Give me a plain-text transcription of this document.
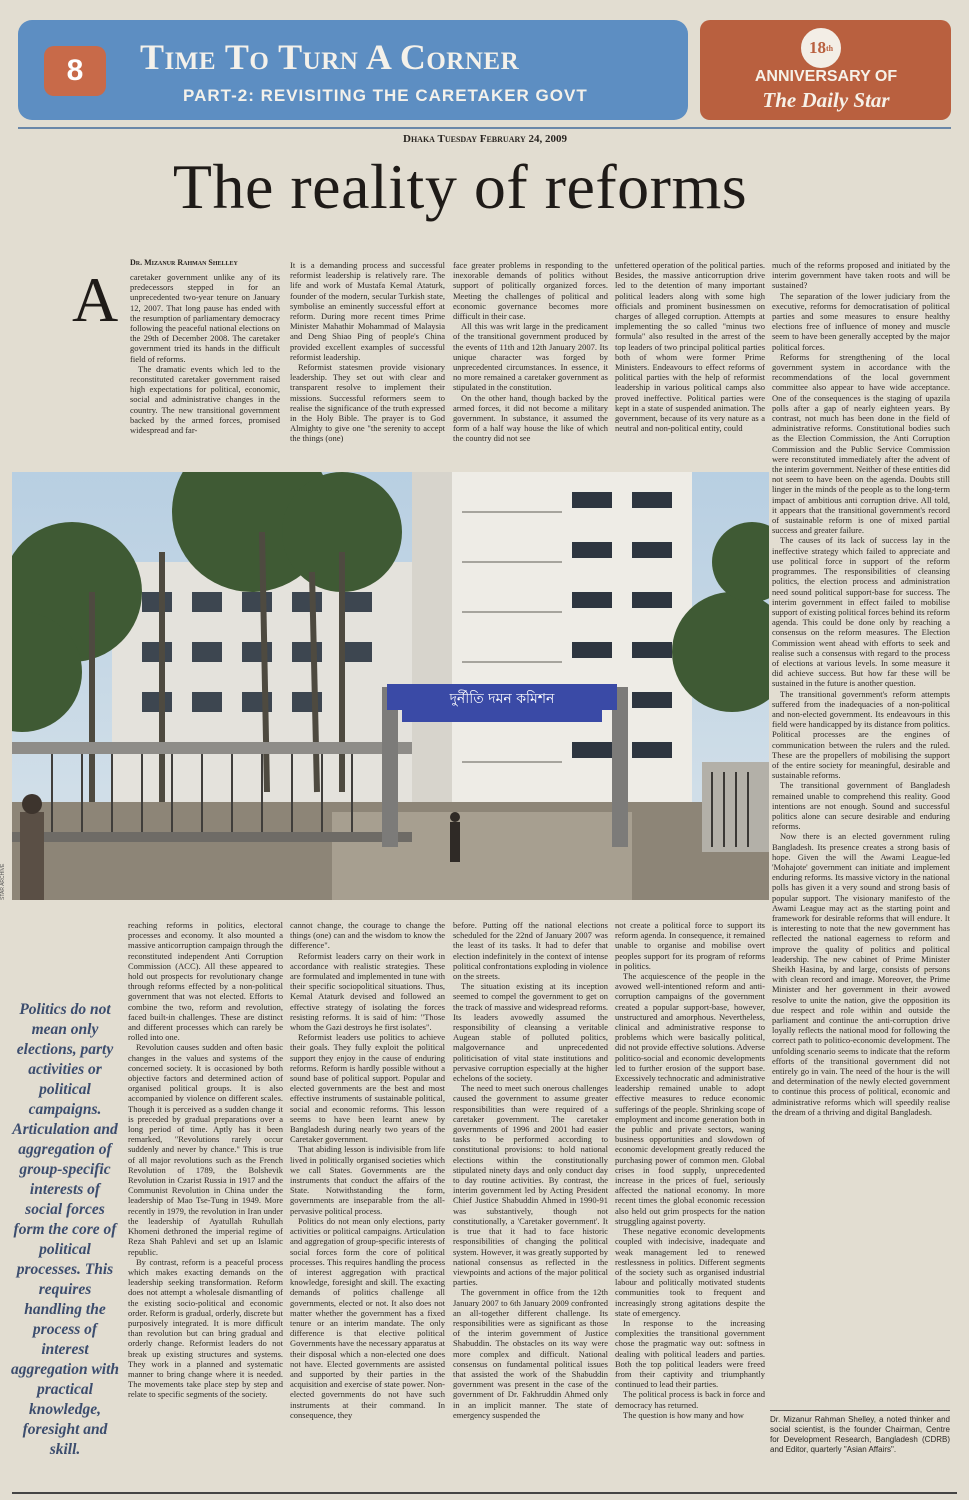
8	Time To Turn A Corner
PART-2: REVISITING THE CARETAKER GOVT
18 th
ANNIVERSARY OF
The Daily Star
Dhaka Tuesday February 24, 2009
The reality of reforms
Dr. Mizanur Rahman Shelley
A	caretaker government unlike any of its predecessors stepped in for an unprecedented two-year tenure on January 12, 2007. That long pause has ended with the resumption of parliamentary democracy following the peaceful national elections on the 29th of December 2008. The caretaker government tried its hands in the difficult field of reforms.

The dramatic events which led to the reconstituted caretaker government raised high expectations for political, economic, social and administrative changes in the country. The new transitional government backed by the armed forces, promised widespread and far-

It is a demanding process and successful reformist leadership is relatively rare. The life and work of Mustafa Kemal Ataturk, founder of the modern, secular Turkish state, symbolise an eminently successful effort at reform. During more recent times Prime Minister Mahathir Mohammad of Malaysia and Deng Shiao Ping of people's China provided excellent examples of successful reformist leadership.

Reformist statesmen provide visionary leadership. They set out with clear and transparent resolve to implement their missions. Successful reformers seem to realise the significance of the truth expressed in the Holy Bible. The prayer is to God Almighty to give one "the serenity to accept the things (one)

face greater problems in responding to the inexorable demands of politics without support of politically organized forces. Meeting the challenges of political and economic governance becomes more difficult in their case.

All this was writ large in the predicament of the transitional government produced by the events of 11th and 12th January 2007. Its unique character was forged by unprecedented circumstances. In essence, it no more remained a caretaker government as stipulated in the constitution.

On the other hand, though backed by the armed forces, it did not become a military government. In substance, it assumed the form of a half way house the like of which the country did not see

unfettered operation of the political parties. Besides, the massive anticorruption drive led to the detention of many important political leaders along with some high officials and prominent businessmen on charges of alleged corruption. Attempts at implementing the so called "minus two formula" also resulted in the arrest of the top leaders of two principal political parties both of whom were former Prime Ministers. Endeavours to effect reforms of political parties with the help of reformist leadership in various political camps also proved ineffective. Political parties were kept in a state of suspended animation. The government, because of its very nature as a neutral and non-political entity, could

much of the reforms proposed and initiated by the interim government have taken roots and will be sustained?

The separation of the lower judiciary from the executive, reforms for democratisation of political parties and some measures to ensure healthy elections free of influence of money and muscle seem to have been generally accepted by the major political forces.

Reforms for strengthening of the local government system in accordance with the recommendations of the local government committee also appear to have wide acceptance. One of the consequences is the staging of upazila polls after a gap of nearly eighteen years. By contrast, not much has been done in the field of administrative reforms. Constitutional bodies such as the Election Commission, the Anti Corruption Commission and the Public Service Commission were reconstituted immediately after the advent of the interim government. Neither of these entities did not seem to have been on the agenda. Doubts still linger in the minds of the people as to the long-term impact of ambitious anti corruption drive. All told, it appears that the transitional government's record of sustainable reform is one of mixed partial success and greater failure.

The causes of its lack of success lay in the ineffective strategy which failed to appreciate and use political force in support of the reform programmes. The responsibilities of cleansing politics, the election process and administration need sound political support-base for success. The interim government in effect failed to mobilise support of existing political forces behind its reform agenda. This could be done only by reaching a consensus on the reform measures. The Election Commission went ahead with efforts to seek and realise such a consensus with regard to the process of elections at various levels. In some measure it did achieve success. But how far these will be sustained in the future is another question.

The transitional government's reform attempts suffered from the inadequacies of a non-political and non-elected government. Its endeavours in this field were handicapped by its distance from politics. Political processes are the engines of communication between the rulers and the ruled. These are the propellers of mobilising the support of the entire society for meaningful, desirable and sustainable reforms.

The transitional government of Bangladesh remained unable to comprehend this reality. Good intentions are not enough. Sound and successful politics alone can secure desirable and enduring reforms.

Now there is an elected government ruling Bangladesh. Its presence creates a strong basis of hope. Given the will the Awami League-led 'Mohajote' government can initiate and implement enduring reforms. Its massive victory in the national polls has given it a very sound and strong basis of popular support. The visionary manifesto of the Awami League may act as the starting point and framework for desirable reforms that will endure. It is interesting to note that the new government has reflected the national eagerness to reform and improve the quality of politics and political leadership. The new cabinet of Prime Minister Sheikh Hasina, by and large, consists of persons with clean record and image. Moreover, the Prime Minister and her government in their avowed resolve to unite the nation, give the opposition its due respect and role within and outside the parliament and continue the anti-corruption drive loyally reflects the national mood for following the correct path to politico-economic development. The unfolding scenario seems to indicate that the reform efforts of the transitional government did not entirely go in vain. The need of the hour is the will and determination of the newly elected government to continue this process of political, economic and administrative reforms which will speedily realise the dream of a thriving and digital Bangladesh.

দুর্নীতি দমন কমিশন
STAR ARCHIVE
Politics do not mean only elections, party activities or political campaigns. Articulation and aggregation of group-specific interests of social forces form the core of political processes. This requires handling the process of interest aggregation with practical knowledge, foresight and skill.

reaching reforms in politics, electoral processes and economy. It also mounted a massive anticorruption campaign through the reconstituted independent Anti Corruption Commission (ACC). All these appeared to hold out prospects for revolutionary change through reforms effected by a non-political government that was not elected. Efforts to combine the two, reform and revolution, faced built-in challenges. These are distinct and different processes which can rarely be rolled into one.

Revolution causes sudden and often basic changes in the values and systems of the concerned society. It is occasioned by both objective factors and determined action of organised political groups. It is also accompanied by violence on different scales. Though it is perceived as a sudden change it is preceded by gradual preparations over a long period of time. Aptly has it been remarked, "Revolutions rarely occur suddenly and never by chance." This is true of all major revolutions such as the French Revolution of 1789, the Bolshevik Revolution in Czarist Russia in 1917 and the Communist Revolution in China under the leadership of Mao Tse-Tung in 1949. More recently in 1979, the revolution in Iran under the leadership of Ayatullah Ruhullah Khomeni dethroned the imperial regime of Reza Shah Pahlevi and set up an Islamic republic.

By contrast, reform is a peaceful process which makes exacting demands on the leadership seeking transformation. Reform does not attempt a wholesale dismantling of the existing socio-political and economic order. Reform is gradual, orderly, discrete but purposively integrated. It is more difficult than revolution but can bring gradual and orderly change. Reformist leaders do not break up existing structures and systems. They work in a planned and systematic manner to bring change where it is needed. The movements take place step by step and relate to specific segments of the society.

cannot change, the courage to change the things (one) can and the wisdom to know the difference".

Reformist leaders carry on their work in accordance with realistic strategies. These are formulated and implemented in tune with their specific sociopolitical situations. Thus, Kemal Ataturk devised and followed an effective strategy of isolating the forces resisting reforms. It is said of him: "Those whom the Gazi destroys he first isolates".

Reformist leaders use politics to achieve their goals. They fully exploit the political support they enjoy in the cause of enduring reforms. Reform is hardly possible without a sound base of political support. Popular and elected governments are the best and most effective instruments of sustainable political, social and economic reforms. This lesson seems to have been learnt anew by Bangladesh during nearly two years of the Caretaker government.

That abiding lesson is indivisible from life lived in politically organised societies which we call States. Governments are the instruments that conduct the affairs of the State. Notwithstanding the form, governments are inseparable from the all-pervasive political process.

Politics do not mean only elections, party activities or political campaigns. Articulation and aggregation of group-specific interests of social forces form the core of political processes. This requires handling the process of interest aggregation with practical knowledge, foresight and skill. The exacting demands of politics challenge all governments, elected or not. It also does not matter whether the government has a fixed tenure or an interim mandate. The only difference is that elective political Governments have the necessary apparatus at their disposal which a non-elected one does not have. Elected governments are assisted and supported by their parties in the acquisition and exercise of state power. Non-elected governments do not have such instruments at their command. In consequence, they

before. Putting off the national elections scheduled for the 22nd of January 2007 was the least of its tasks. It had to defer that election indefinitely in the context of intense political confrontations exploding in violence on the streets.

The situation existing at its inception seemed to compel the government to get on the track of massive and widespread reforms. Its leaders avowedly assumed the responsibility of cleansing a veritable Augean stable of polluted politics, malgovernance and unprecedented politicisation of vital state institutions and pervasive corruption especially at the higher echelons of the society.

The need to meet such onerous challenges caused the government to assume greater responsibilities than were required of a caretaker government. The caretaker governments of 1996 and 2001 had easier tasks to be performed according to constitutional provisions: to hold national elections within the constitutionally stipulated ninety days and only conduct day to day routine activities. By contrast, the interim government led by Acting President Chief Justice Shabuddin Ahmed in 1990-91 was substantively, though not constitutionally, a 'Caretaker government'. It is true that it had to face historic responsibilities of changing the political system. However, it was greatly supported by national consensus as reflected in the viewpoints and actions of the major political parties.

The government in office from the 12th January 2007 to 6th January 2009 confronted an all-together different challenge. Its responsibilities were as significant as those of the interim government of Justice Shabuddin. The obstacles on its way were more complex and difficult. National consensus on fundamental political issues that assisted the work of the Shabuddin government was present in the case of the government of Dr. Fakhruddin Ahmed only in an implicit manner. The state of emergency suspended the

not create a political force to support its reform agenda. In consequence, it remained unable to organise and mobilise overt peoples support for its program of reforms in politics.

The acquiescence of the people in the avowed well-intentioned reform and anti-corruption campaigns of the government created a popular support-base, however, unstructured and amorphous. Nevertheless, clinical and administrative response to problems which were basically political, did not provide effective solutions. Adverse politico-social and economic developments led to further erosion of the support base. Excessively technocratic and administrative leadership remained unable to adopt effective measures to reduce economic sufferings of the people. Shrinking scope of employment and income generation both in the public and private sectors, waning business opportunities and slowdown of economic development greatly reduced the purchasing power of common men. Global crises in food supply, unprecedented increase in the prices of fuel, seriously affected the national economy. In more recent times the global economic recession also held out grim prospects for the nation struggling against poverty.

These negative economic developments coupled with indecisive, inadequate and weak management led to renewed restlessness in politics. Different segments of the society such as organised industrial labour and politically motivated students communities took to frequent and increasingly strong agitations despite the state of emergency.

In response to the increasing complexities the transitional government chose the pragmatic way out: softness in dealing with political leaders and parties. Both the top political leaders were freed from their captivity and triumphantly continued to lead their parties.

The political process is back in force and democracy has returned.

The question is how many and how	Dr. Mizanur Rahman Shelley, a noted thinker and social scientist, is the founder Chairman, Centre for Development Research, Bangladesh (CDRB) and Editor, quarterly "Asian Affairs".
